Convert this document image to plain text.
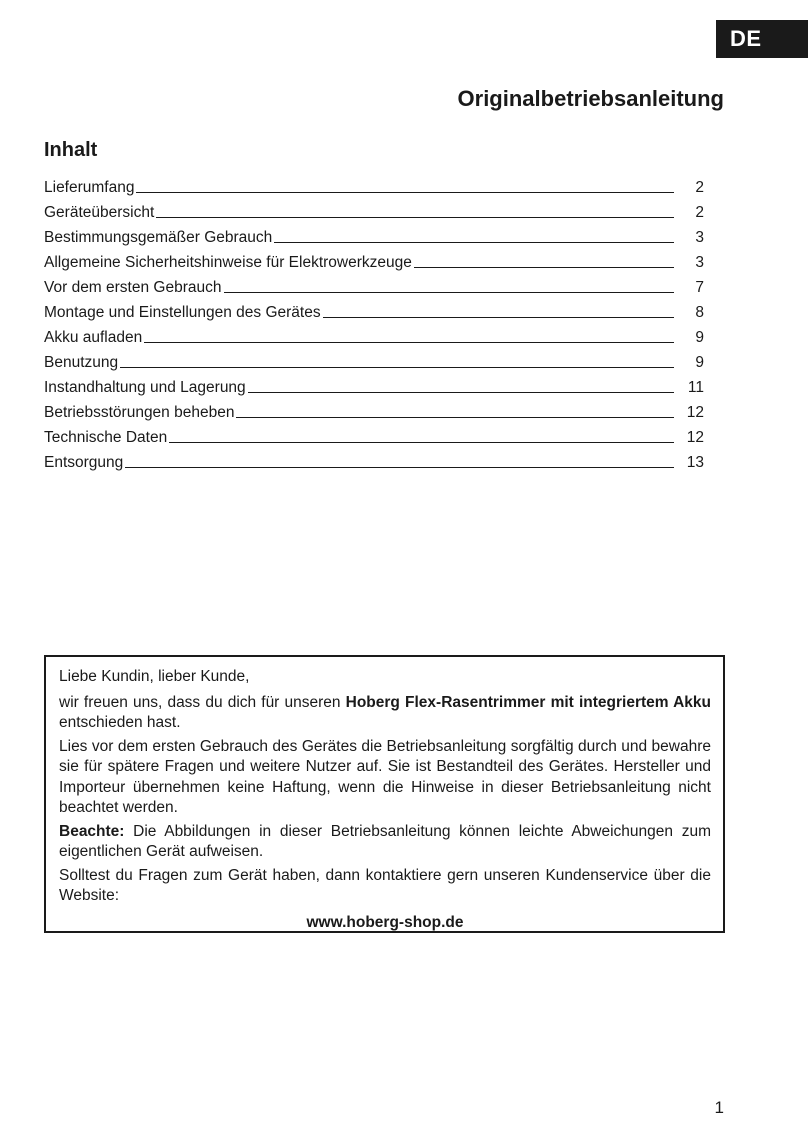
DE
Originalbetriebsanleitung
Inhalt
Lieferumfang	2
Geräteübersicht	2
Bestimmungsgemäßer Gebrauch	3
Allgemeine Sicherheitshinweise für Elektrowerkzeuge	3
Vor dem ersten Gebrauch	7
Montage und Einstellungen des Gerätes	8
Akku aufladen	9
Benutzung	9
Instandhaltung und Lagerung	11
Betriebsstörungen beheben	12
Technische Daten	12
Entsorgung	13

Liebe Kundin, lieber Kunde,

wir freuen uns, dass du dich für unseren Hoberg Flex-Rasentrimmer mit integriertem Akku entschieden hast.

Lies vor dem ersten Gebrauch des Gerätes die Betriebsanleitung sorgfältig durch und bewahre sie für spätere Fragen und weitere Nutzer auf. Sie ist Bestandteil des Gerätes. Hersteller und Importeur übernehmen keine Haftung, wenn die Hinweise in dieser Betriebsanleitung nicht beachtet werden.

Beachte: Die Abbildungen in dieser Betriebsanleitung können leichte Abweichungen zum eigentlichen Gerät aufweisen.

Solltest du Fragen zum Gerät haben, dann kontaktiere gern unseren Kundenservice über die Website:

www.hoberg-shop.de

1
